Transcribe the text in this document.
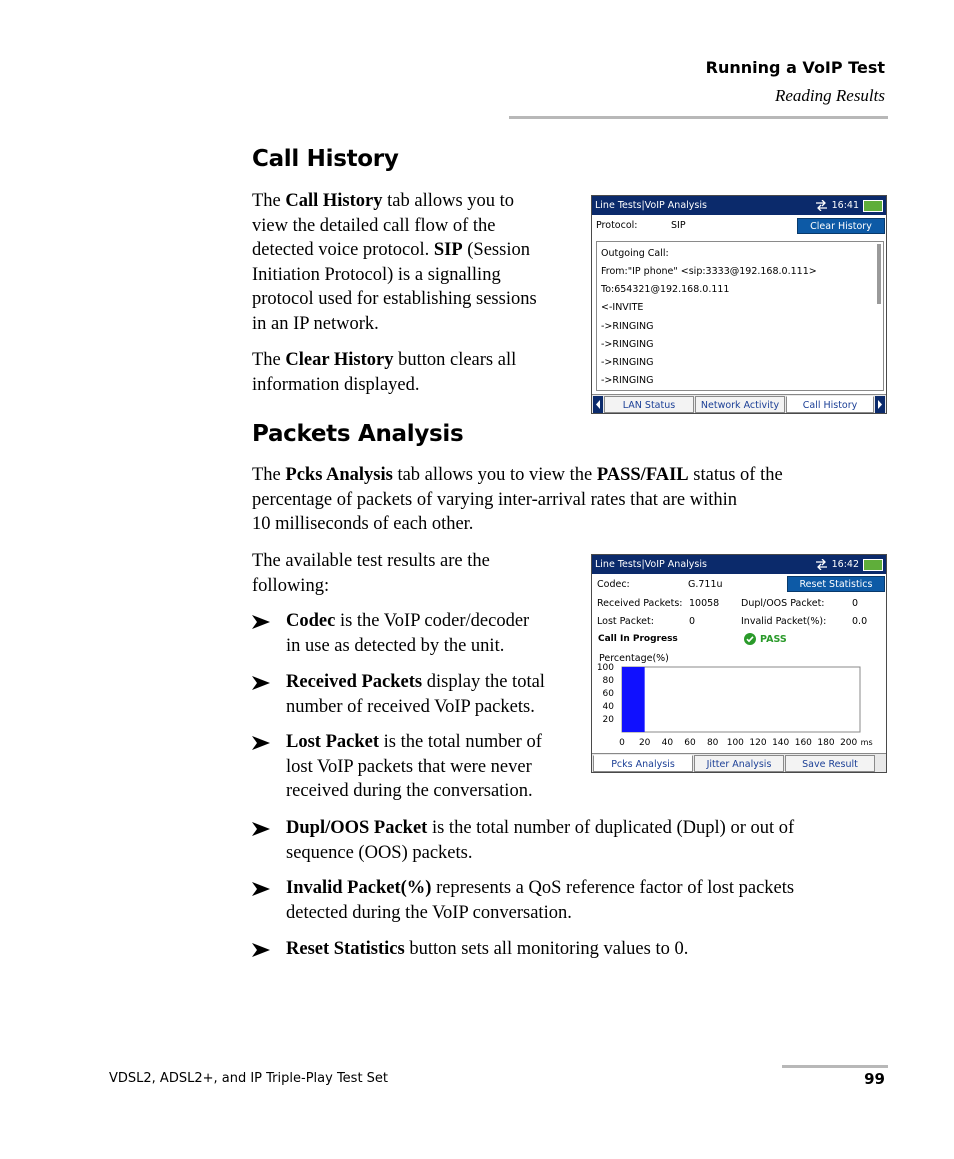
Running a VoIP Test
Reading Results
Call History
The Call History tab allows you to
view the detailed call flow of the
detected voice protocol. SIP (Session
Initiation Protocol) is a signalling
protocol used for establishing sessions
in an IP network.
The Clear History button clears all
information displayed.
Line Tests|VoIP Analysis	16:41
Protocol:	SIP	Clear History
Outgoing Call:
From:"IP phone" <sip:3333@192.168.0.111>
To:654321@192.168.0.111
<-INVITE
->RINGING
->RINGING
->RINGING
->RINGING
LAN Status	Network Activity	Call History
Packets Analysis
The Pcks Analysis tab allows you to view the PASS/FAIL status of the
percentage of packets of varying inter-arrival rates that are within
10 milliseconds of each other.
The available test results are the
following:
Codec is the VoIP coder/decoder
in use as detected by the unit.
Received Packets display the total
number of received VoIP packets.
Lost Packet is the total number of
lost VoIP packets that were never
received during the conversation.
Dupl/OOS Packet is the total number of duplicated (Dupl) or out of
sequence (OOS) packets.
Invalid Packet(%) represents a QoS reference factor of lost packets
detected during the VoIP conversation.
Reset Statistics button sets all monitoring values to 0.
Line Tests|VoIP Analysis	16:42
Codec:	G.711u	Reset Statistics
Received Packets: 10058 Dupl/OOS Packet:	0
Lost Packet:	0	Invalid Packet(%):	0.0
Call In Progress	PASS
Percentage(%)
100
80
60
40
20
0 20 40 60 80 100 120 140 160 180 200 ms
Pcks Analysis	Jitter Analysis	Save Result
VDSL2, ADSL2+, and IP Triple-Play Test Set	99
